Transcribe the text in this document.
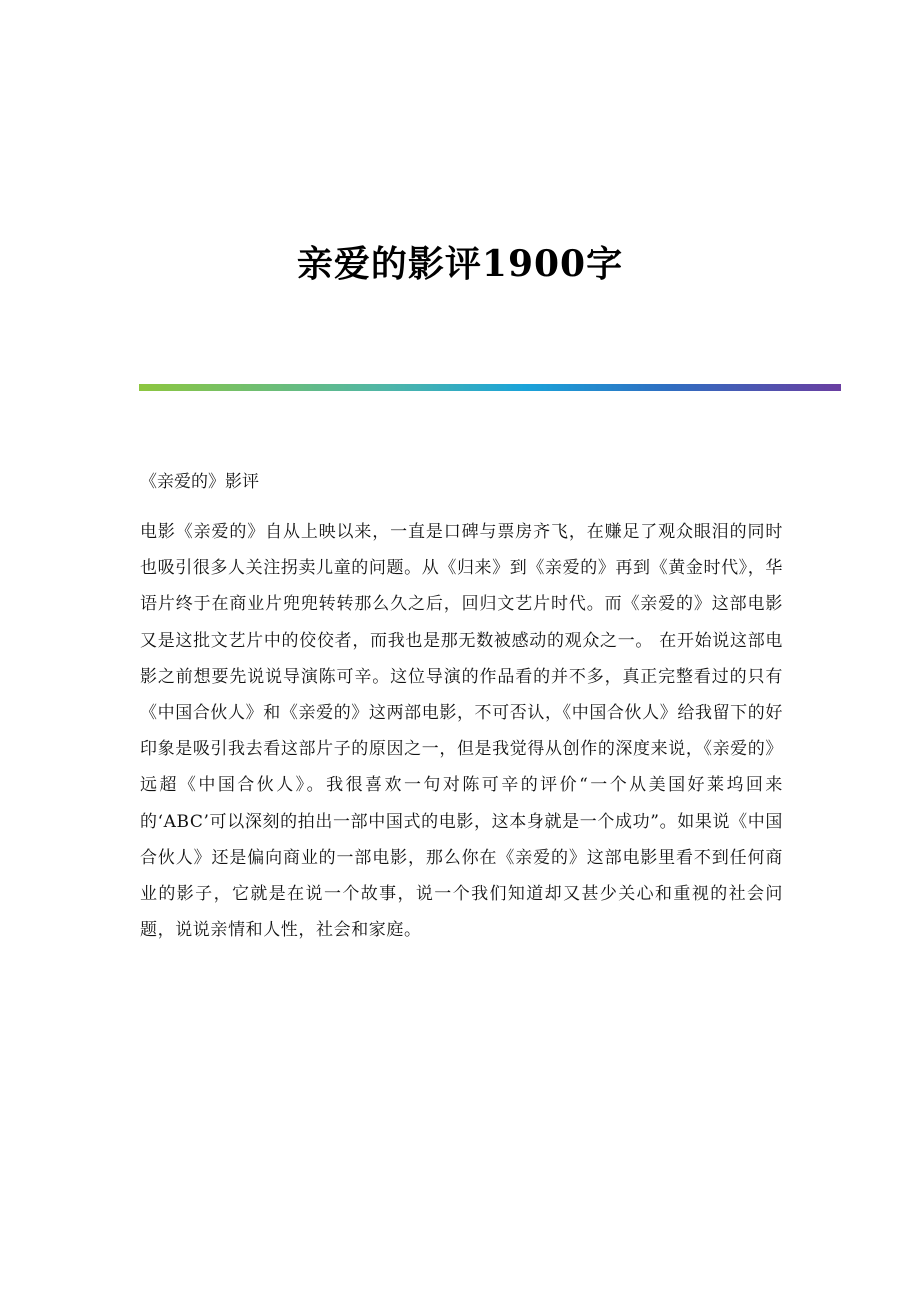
亲爱的影评1900字
《亲爱的》影评

电影《亲爱的》自从上映以来，一直是口碑与票房齐飞，在赚足了观众眼泪的同时也吸引很多人关注拐卖儿童的问题。从《归来》到《亲爱的》再到《黄金时代》，华语片终于在商业片兜兜转转那么久之后，回归文艺片时代。而《亲爱的》这部电影又是这批文艺片中的佼佼者，而我也是那无数被感动的观众之一。 在开始说这部电影之前想要先说说导演陈可辛。这位导演的作品看的并不多，真正完整看过的只有《中国合伙人》和《亲爱的》这两部电影，不可否认，《中国合伙人》给我留下的好印象是吸引我去看这部片子的原因之一，但是我觉得从创作的深度来说，《亲爱的》远超《中国合伙人》。我很喜欢一句对陈可辛的评价“一个从美国好莱坞回来的‘ABC’可以深刻的拍出一部中国式的电影，这本身就是一个成功”。如果说《中国合伙人》还是偏向商业的一部电影，那么你在《亲爱的》这部电影里看不到任何商业的影子，它就是在说一个故事，说一个我们知道却又甚少关心和重视的社会问题，说说亲情和人性，社会和家庭。
